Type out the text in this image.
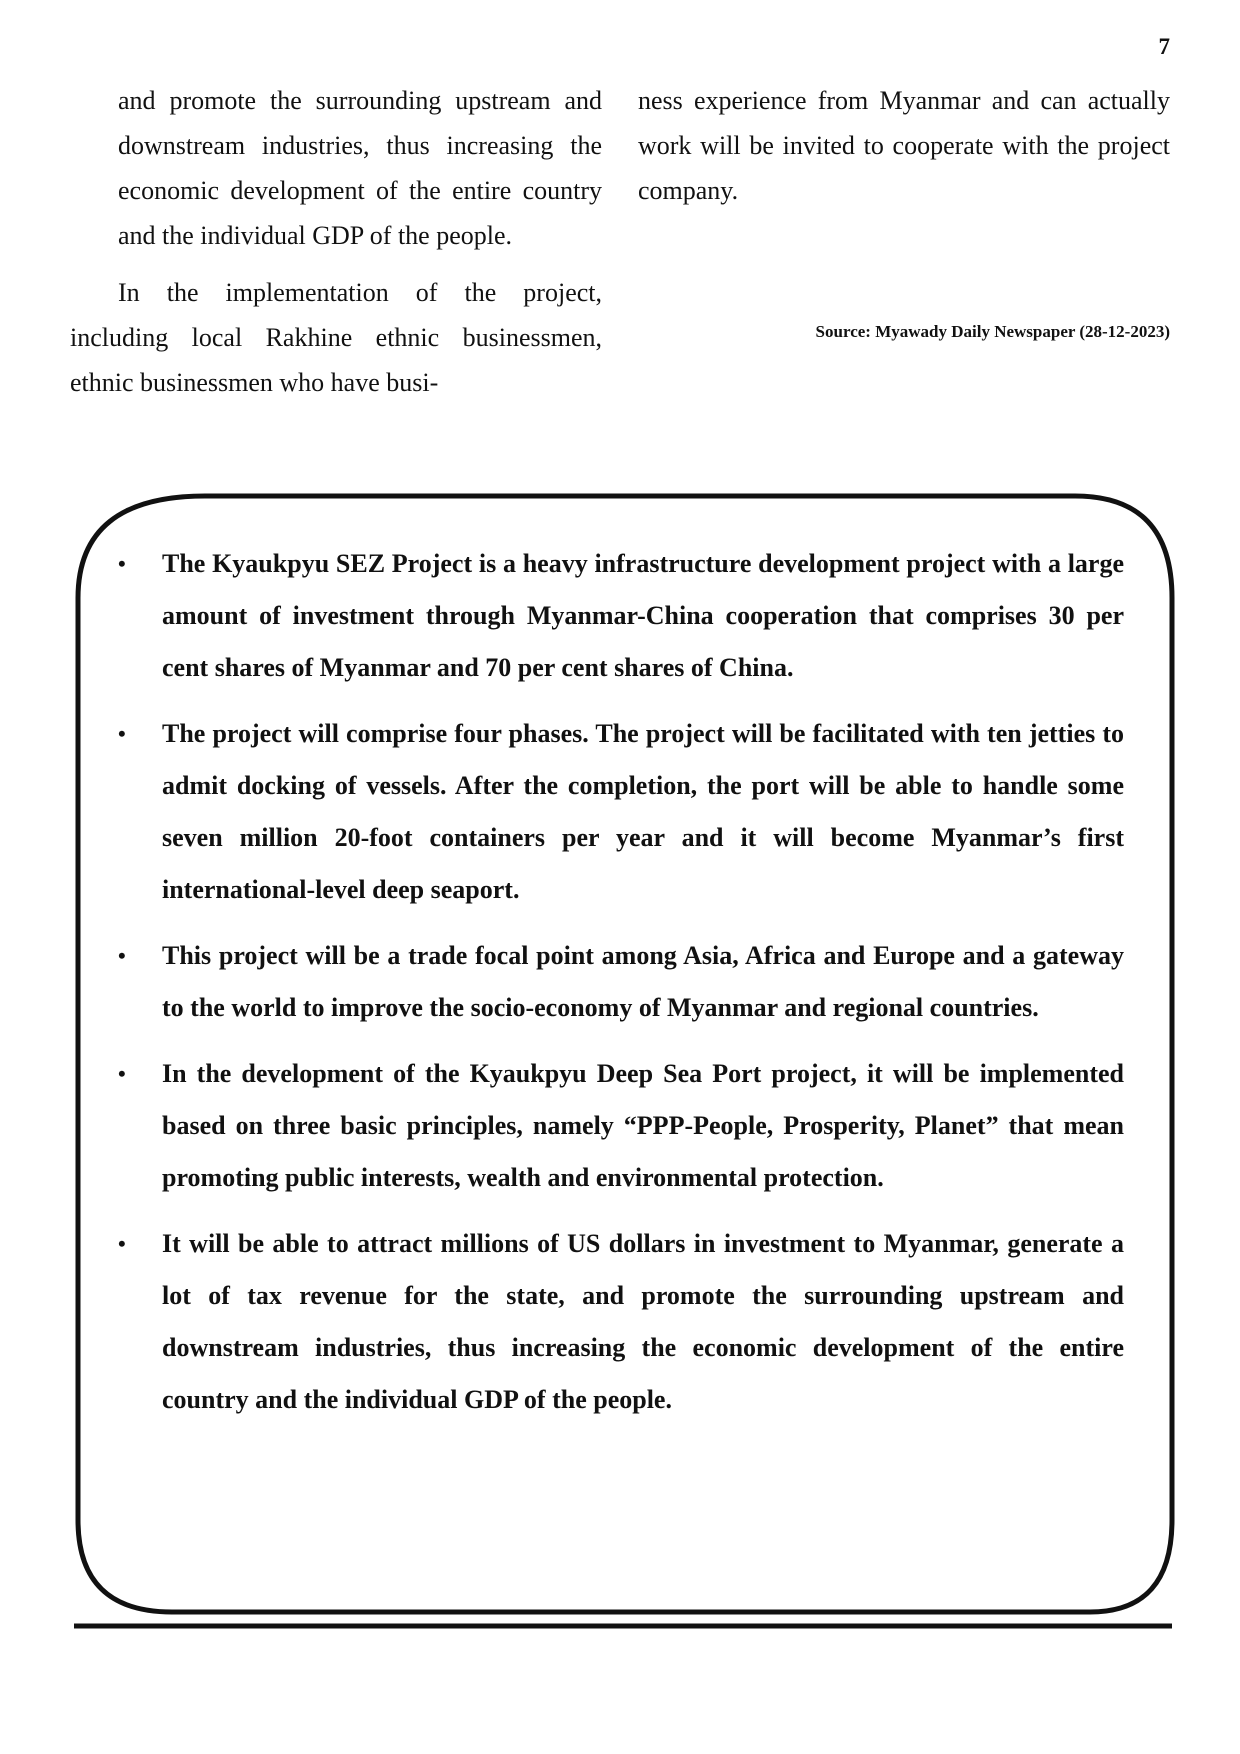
7

and promote the surrounding upstream and downstream industries, thus increasing the economic development of the entire country and the individual GDP of the people.

In the implementation of the project, including local Rakhine ethnic businessmen, ethnic businessmen who have busi-

ness experience from Myanmar and can actually work will be invited to cooperate with the project company.

Source: Myawady Daily Newspaper (28-12-2023)
• The Kyaukpyu SEZ Project is a heavy infrastructure development project with a large amount of investment through Myanmar-China cooperation that comprises 30 per cent shares of Myanmar and 70 per cent shares of China.
• The project will comprise four phases. The project will be facilitated with ten jetties to admit docking of vessels. After the completion, the port will be able to handle some seven million 20-foot containers per year and it will become Myanmar’s first international-level deep seaport.
• This project will be a trade focal point among Asia, Africa and Europe and a gateway to the world to improve the socio-economy of Myanmar and regional countries.
• In the development of the Kyaukpyu Deep Sea Port project, it will be implemented based on three basic principles, namely “PPP-People, Prosperity, Planet” that mean promoting public interests, wealth and environmental protection.
• It will be able to attract millions of US dollars in investment to Myanmar, generate a lot of tax revenue for the state, and promote the surrounding upstream and downstream industries, thus increasing the economic development of the entire country and the individual GDP of the people.
